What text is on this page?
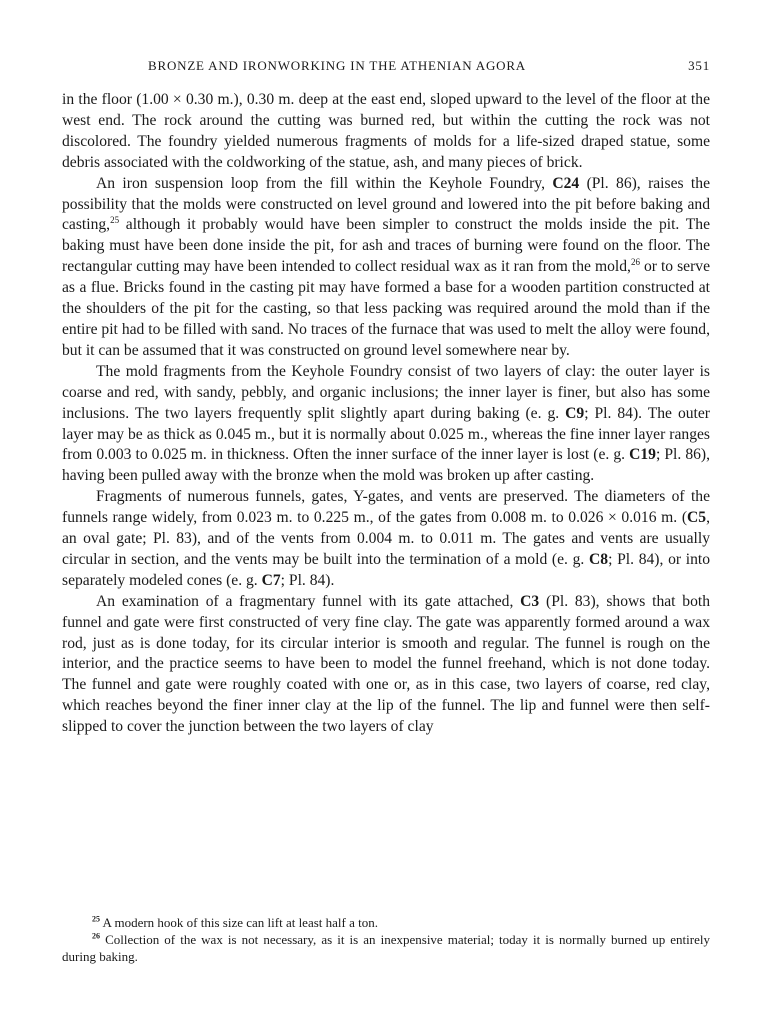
BRONZE AND IRONWORKING IN THE ATHENIAN AGORA	351

in the floor (1.00 × 0.30 m.), 0.30 m. deep at the east end, sloped upward to the level of the floor at the west end. The rock around the cutting was burned red, but within the cutting the rock was not discolored. The foundry yielded numerous fragments of molds for a life-sized draped statue, some debris associated with the coldworking of the statue, ash, and many pieces of brick.

An iron suspension loop from the fill within the Keyhole Foundry, C24 (Pl. 86), raises the possibility that the molds were constructed on level ground and lowered into the pit before baking and casting,$^{25}$ although it probably would have been simpler to construct the molds inside the pit. The baking must have been done inside the pit, for ash and traces of burning were found on the floor. The rectangular cutting may have been intended to collect residual wax as it ran from the mold,$^{26}$ or to serve as a flue. Bricks found in the casting pit may have formed a base for a wooden partition constructed at the shoulders of the pit for the casting, so that less packing was required around the mold than if the entire pit had to be filled with sand. No traces of the furnace that was used to melt the alloy were found, but it can be assumed that it was constructed on ground level somewhere near by.

The mold fragments from the Keyhole Foundry consist of two layers of clay: the outer layer is coarse and red, with sandy, pebbly, and organic inclusions; the inner layer is finer, but also has some inclusions. The two layers frequently split slightly apart during baking (e. g. C9; Pl. 84). The outer layer may be as thick as 0.045 m., but it is normally about 0.025 m., whereas the fine inner layer ranges from 0.003 to 0.025 m. in thickness. Often the inner surface of the inner layer is lost (e. g. C19; Pl. 86), having been pulled away with the bronze when the mold was broken up after casting.

Fragments of numerous funnels, gates, Y-gates, and vents are preserved. The diameters of the funnels range widely, from 0.023 m. to 0.225 m., of the gates from 0.008 m. to 0.026 × 0.016 m. (C5, an oval gate; Pl. 83), and of the vents from 0.004 m. to 0.011 m. The gates and vents are usually circular in section, and the vents may be built into the termination of a mold (e. g. C8; Pl. 84), or into separately modeled cones (e. g. C7; Pl. 84).

An examination of a fragmentary funnel with its gate attached, C3 (Pl. 83), shows that both funnel and gate were first constructed of very fine clay. The gate was apparently formed around a wax rod, just as is done today, for its circular interior is smooth and regular. The funnel is rough on the interior, and the practice seems to have been to model the funnel freehand, which is not done today. The funnel and gate were roughly coated with one or, as in this case, two layers of coarse, red clay, which reaches beyond the finer inner clay at the lip of the funnel. The lip and funnel were then self-slipped to cover the junction between the two layers of clay

$^{25}$ A modern hook of this size can lift at least half a ton.

$^{26}$ Collection of the wax is not necessary, as it is an inexpensive material; today it is normally burned up entirely during baking.
